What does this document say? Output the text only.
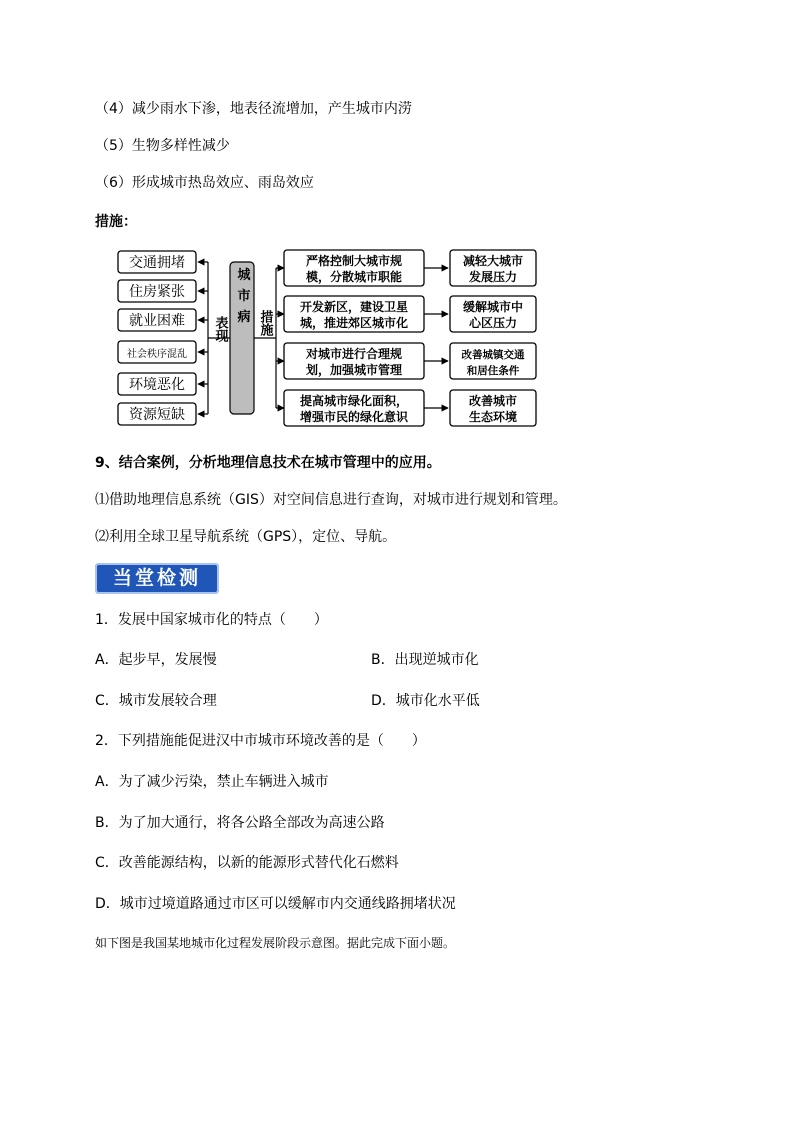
（4）减少雨水下渗，地表径流增加，产生城市内涝
（5）生物多样性减少
（6）形成城市热岛效应、雨岛效应
措施：
交通拥堵
住房紧张
就业困难
社会秩序混乱
环境恶化
资源短缺
表现 城市病 措施
严格控制大城市规
模，分散城市职能
开发新区，建设卫星
城，推进郊区城市化
对城市进行合理规
划，加强城市管理
提高城市绿化面积，
增强市民的绿化意识
减轻大城市
发展压力
缓解城市中
心区压力
改善城镇交通
和居住条件
改善城市
生态环境
9、结合案例，分析地理信息技术在城市管理中的应用。
⑴借助地理信息系统（GIS）对空间信息进行查询，对城市进行规划和管理。
⑵利用全球卫星导航系统（GPS），定位、导航。
当堂检测
1．发展中国家城市化的特点（　　）
A．起步早，发展慢	B．出现逆城市化
C．城市发展较合理	D．城市化水平低
2．下列措施能促进汉中市城市环境改善的是（　　）
A．为了减少污染，禁止车辆进入城市
B．为了加大通行，将各公路全部改为高速公路
C．改善能源结构，以新的能源形式替代化石燃料
D．城市过境道路通过市区可以缓解市内交通线路拥堵状况
如下图是我国某地城市化过程发展阶段示意图。据此完成下面小题。
